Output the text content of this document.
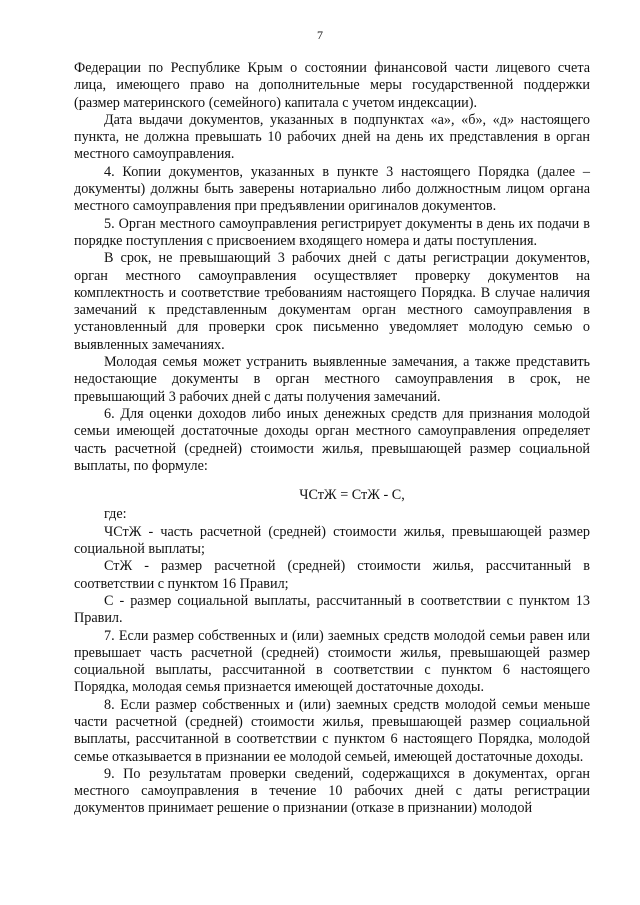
7

Федерации по Республике Крым о состоянии финансовой части лицевого счета лица, имеющего право на дополнительные меры государственной поддержки (размер материнского (семейного) капитала с учетом индексации).

Дата выдачи документов, указанных в подпунктах «а», «б», «д» настоящего пункта, не должна превышать 10 рабочих дней на день их представления в орган местного самоуправления.

4. Копии документов, указанных в пункте 3 настоящего Порядка (далее – документы) должны быть заверены нотариально либо должностным лицом органа местного самоуправления при предъявлении оригиналов документов.

5. Орган местного самоуправления регистрирует документы в день их подачи в порядке поступления с присвоением входящего номера и даты поступления.

В срок, не превышающий 3 рабочих дней с даты регистрации документов, орган местного самоуправления осуществляет проверку документов на комплектность и соответствие требованиям настоящего Порядка. В случае наличия замечаний к представленным документам орган местного самоуправления в установленный для проверки срок письменно уведомляет молодую семью о выявленных замечаниях.

Молодая семья может устранить выявленные замечания, а также представить недостающие документы в орган местного самоуправления в срок, не превышающий 3 рабочих дней с даты получения замечаний.

6. Для оценки доходов либо иных денежных средств для признания молодой семьи имеющей достаточные доходы орган местного самоуправления определяет часть расчетной (средней) стоимости жилья, превышающей размер социальной выплаты, по формуле:

ЧСтЖ = СтЖ - С,

где:

ЧСтЖ - часть расчетной (средней) стоимости жилья, превышающей размер социальной выплаты;

СтЖ - размер расчетной (средней) стоимости жилья, рассчитанный в соответствии с пунктом 16 Правил;

С - размер социальной выплаты, рассчитанный в соответствии с пунктом 13 Правил.

7. Если размер собственных и (или) заемных средств молодой семьи равен или превышает часть расчетной (средней) стоимости жилья, превышающей размер социальной выплаты, рассчитанной в соответствии с пунктом 6 настоящего Порядка, молодая семья признается имеющей достаточные доходы.

8. Если размер собственных и (или) заемных средств молодой семьи меньше части расчетной (средней) стоимости жилья, превышающей размер социальной выплаты, рассчитанной в соответствии с пунктом 6 настоящего Порядка, молодой семье отказывается в признании ее молодой семьей, имеющей достаточные доходы.

9. По результатам проверки сведений, содержащихся в документах, орган местного самоуправления в течение 10 рабочих дней с даты регистрации документов принимает решение о признании (отказе в признании) молодой
